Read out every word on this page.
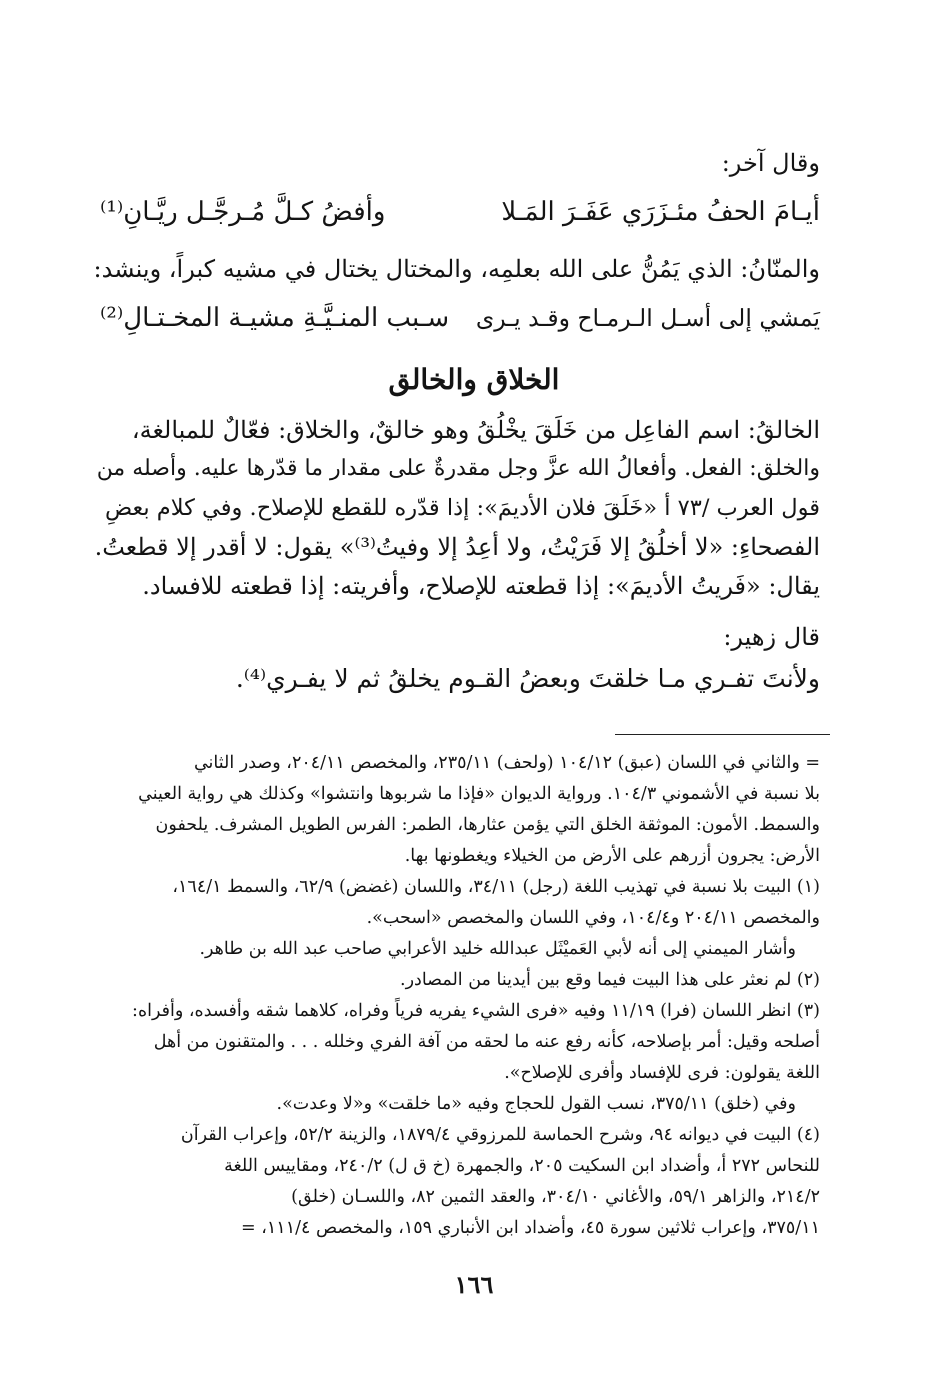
وقال آخر:
أيـامَ الحفُ مئـزَرَي عَفَـرَ المَـلا
وأفضُ كـلَّ مُـرجَّـل ريَّـانِ⁽¹⁾
والمنّانُ: الذي يَمُنُّ على الله بعلمِه، والمختال يختال في مشيه كبراً، وينشد:
يَمشي إلى أسـل الـرمـاح وقـد يـرى
سـبب المنـيَّـةِ مشيـة المخـتـالِ⁽²⁾
الخلاق والخالق
الخالقُ: اسم الفاعِل من خَلَقَ يخْلُقُ وهو خالقٌ، والخلاق: فعّالٌ للمبالغة،
والخلق: الفعل. وأفعالُ الله عزَّ وجل مقدرةٌ على مقدار ما قدّرها عليه. وأصله من
قول العرب /٧٣ أ «خَلَقَ فلان الأديمَ»: إذا قدّره للقطع للإصلاح. وفي كلام بعضِ
الفصحاءِ: «لا أخلُقُ إلا فَرَيْتُ، ولا أعِدُ إلا وفيتُ⁽³⁾» يقول: لا أقدر إلا قطعتُ.
يقال: «فَريتُ الأديمَ»: إذا قطعته للإصلاح، وأفريته: إذا قطعته للافساد.
قال زهير:
ولأنتَ تفـري مـا خلقتَ وبعضُ القـوم يخلقُ ثم لا يفـري⁽⁴⁾.
= والثاني في اللسان (عبق) ١٠٤/١٢ (ولحف) ٢٣٥/١١، والمخصص ٢٠٤/١١، وصدر الثاني
بلا نسبة في الأشموني ١٠٤/٣. ورواية الديوان «فإذا ما شربوها وانتشوا» وكذلك هي رواية العيني
والسمط. الأمون: الموثقة الخلق التي يؤمن عثارها، الطمر: الفرس الطويل المشرف. يلحفون
الأرض: يجرون أزرهم على الأرض من الخيلاء ويغطونها بها.
(١) البيت بلا نسبة في تهذيب اللغة (رجل) ٣٤/١١، واللسان (غضض) ٦٢/٩، والسمط ١٦٤/١،
والمخصص ٢٠٤/١١ و١٠٤/٤، وفي اللسان والمخصص «اسحب».
وأشار الميمني إلى أنه لأبي العَميْثَل عبدالله خليد الأعرابي صاحب عبد الله بن طاهر.
(٢) لم نعثر على هذا البيت فيما وقع بين أيدينا من المصادر.
(٣) انظر اللسان (فرا) ١١/١٩ وفيه «فرى الشيء يفريه فرياً وفراه، كلاهما شقه وأفسده، وأفراه:
أصلحه وقيل: أمر بإصلاحه، كأنه رفع عنه ما لحقه من آفة الفري وخلله . . . والمتقنون من أهل
اللغة يقولون: فرى للإفساد وأفرى للإصلاح».
وفي (خلق) ٣٧٥/١١، نسب القول للحجاج وفيه «ما خلقت» و«لا وعدت».
(٤) البيت في ديوانه ٩٤، وشرح الحماسة للمرزوقي ١٨٧٩/٤، والزينة ٥٢/٢، وإعراب القرآن
للنحاس ٢٧٢ أ، وأضداد ابن السكيت ٢٠٥، والجمهرة (خ ق ل) ٢٤٠/٢، ومقاييس اللغة
٢١٤/٢، والزاهر ٥٩/١، والأغاني ٣٠٤/١٠، والعقد الثمين ٨٢، واللسـان (خلق)
٣٧٥/١١، وإعراب ثلاثين سورة ٤٥، وأضداد ابن الأنباري ١٥٩، والمخصص ١١١/٤، =
١٦٦
